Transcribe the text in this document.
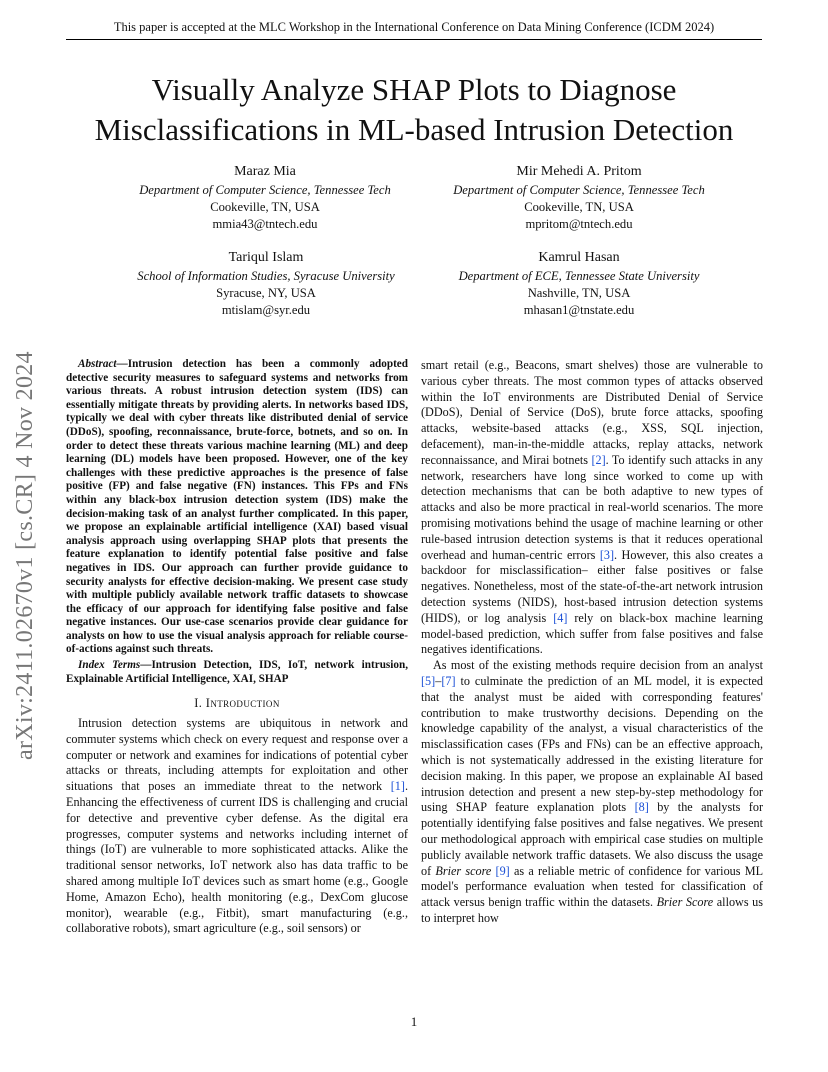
This paper is accepted at the MLC Workshop in the International Conference on Data Mining Conference (ICDM 2024)
arXiv:2411.02670v1 [cs.CR] 4 Nov 2024
Visually Analyze SHAP Plots to Diagnose
Misclassifications in ML-based Intrusion Detection
Maraz Mia
Department of Computer Science, Tennessee Tech
Cookeville, TN, USA
mmia43@tntech.edu
Mir Mehedi A. Pritom
Department of Computer Science, Tennessee Tech
Cookeville, TN, USA
mpritom@tntech.edu
Tariqul Islam
School of Information Studies, Syracuse University
Syracuse, NY, USA
mtislam@syr.edu
Kamrul Hasan
Department of ECE, Tennessee State University
Nashville, TN, USA
mhasan1@tnstate.edu

Abstract—Intrusion detection has been a commonly adopted detective security measures to safeguard systems and networks from various threats. A robust intrusion detection system (IDS) can essentially mitigate threats by providing alerts. In networks based IDS, typically we deal with cyber threats like distributed denial of service (DDoS), spoofing, reconnaissance, brute-force, botnets, and so on. In order to detect these threats various machine learning (ML) and deep learning (DL) models have been proposed. However, one of the key challenges with these predictive approaches is the presence of false positive (FP) and false negative (FN) instances. This FPs and FNs within any black-box intrusion detection system (IDS) make the decision-making task of an analyst further complicated. In this paper, we propose an explainable artificial intelligence (XAI) based visual analysis approach using overlapping SHAP plots that presents the feature explanation to identify potential false positive and false negatives in IDS. Our approach can further provide guidance to security analysts for effective decision-making. We present case study with multiple publicly available network traffic datasets to showcase the efficacy of our approach for identifying false positive and false negative instances. Our use-case scenarios provide clear guidance for analysts on how to use the visual analysis approach for reliable course-of-actions against such threats.

Index Terms—Intrusion Detection, IDS, IoT, network intrusion, Explainable Artificial Intelligence, XAI, SHAP

I. Introduction

Intrusion detection systems are ubiquitous in network and commuter systems which check on every request and response over a computer or network and examines for indications of potential cyber attacks or threats, including attempts for exploitation and other situations that poses an immediate threat to the network [1]. Enhancing the effectiveness of current IDS is challenging and crucial for detective and preventive cyber defense. As the digital era progresses, computer systems and networks including internet of things (IoT) are vulnerable to more sophisticated attacks. Alike the traditional sensor networks, IoT network also has data traffic to be shared among multiple IoT devices such as smart home (e.g., Google Home, Amazon Echo), health monitoring (e.g., DexCom glucose monitor), wearable (e.g., Fitbit), smart manufacturing (e.g., collaborative robots), smart agriculture (e.g., soil sensors) or

smart retail (e.g., Beacons, smart shelves) those are vulnerable to various cyber threats. The most common types of attacks observed within the IoT environments are Distributed Denial of Service (DDoS), Denial of Service (DoS), brute force attacks, spoofing attacks, website-based attacks (e.g., XSS, SQL injection, defacement), man-in-the-middle attacks, replay attacks, network reconnaissance, and Mirai botnets [2]. To identify such attacks in any network, researchers have long since worked to come up with detection mechanisms that can be both adaptive to new types of attacks and also be more practical in real-world scenarios. The more promising motivations behind the usage of machine learning or other rule-based intrusion detection systems is that it reduces operational overhead and human-centric errors [3]. However, this also creates a backdoor for misclassification– either false positives or false negatives. Nonetheless, most of the state-of-the-art network intrusion detection systems (NIDS), host-based intrusion detection systems (HIDS), or log analysis [4] rely on black-box machine learning model-based prediction, which suffer from false positives and false negatives identifications.

As most of the existing methods require decision from an analyst [5]–[7] to culminate the prediction of an ML model, it is expected that the analyst must be aided with corresponding features' contribution to make trustworthy decisions. Depending on the knowledge capability of the analyst, a visual characteristics of the misclassification cases (FPs and FNs) can be an effective approach, which is not systematically addressed in the existing literature for decision making. In this paper, we propose an explainable AI based intrusion detection and present a new step-by-step methodology for using SHAP feature explanation plots [8] by the analysts for potentially identifying false positives and false negatives. We present our methodological approach with empirical case studies on multiple publicly available network traffic datasets. We also discuss the usage of Brier score [9] as a reliable metric of confidence for various ML model's performance evaluation when tested for classification of attack versus benign traffic within the datasets. Brier Score allows us to interpret how

1
